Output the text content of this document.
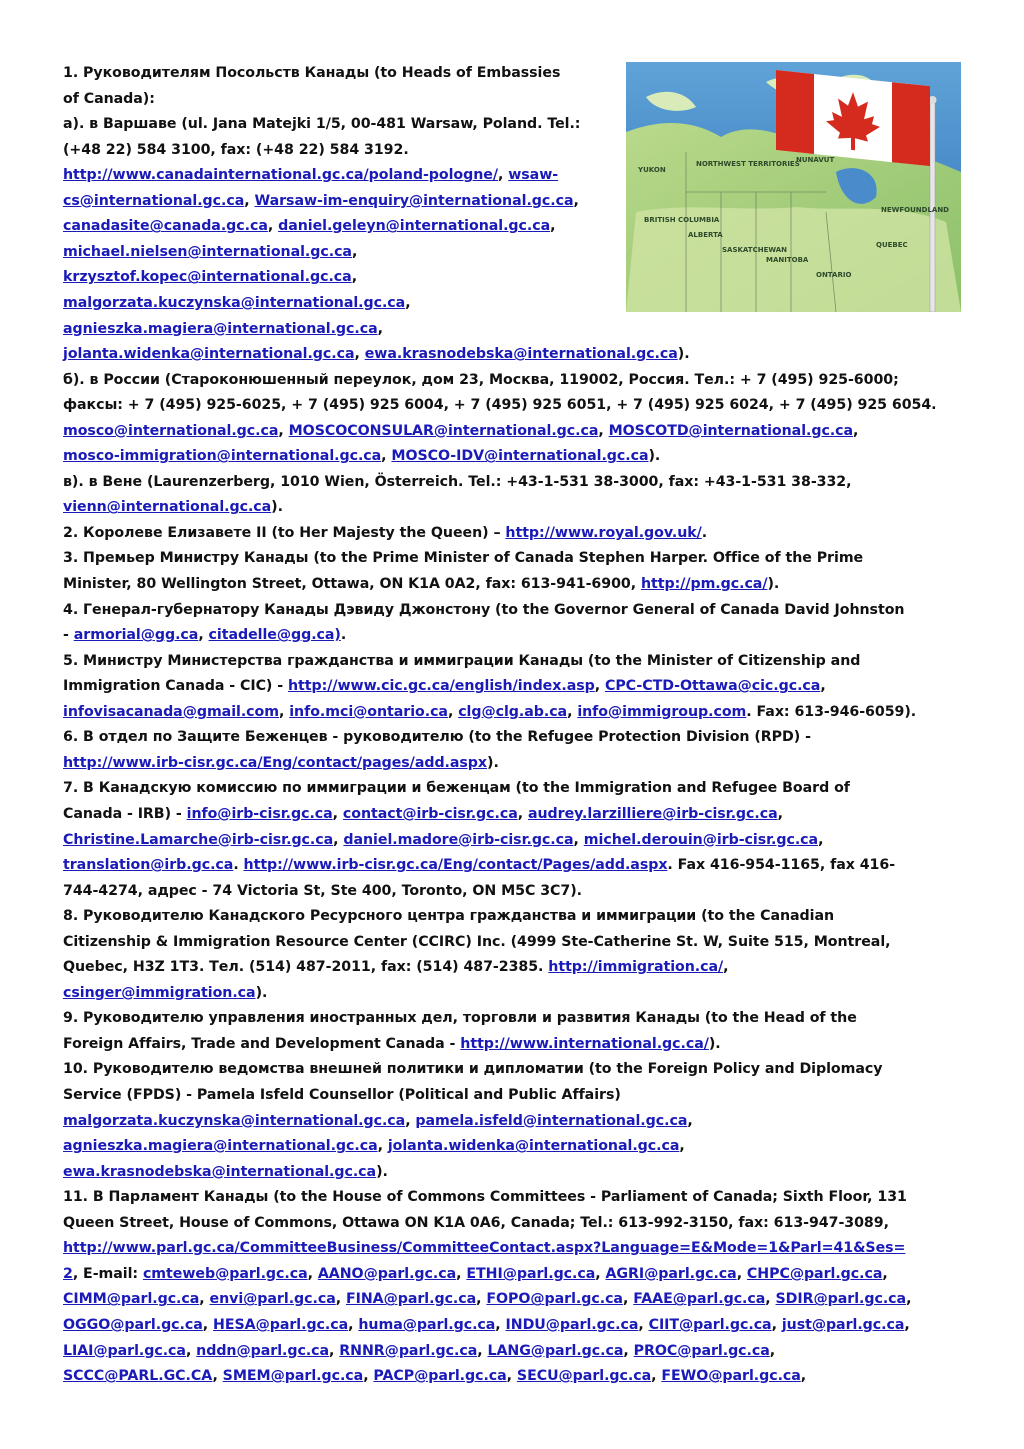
NORTHWEST TERRITORIES
NUNAVUT
BRITISH COLUMBIA
ALBERTA
SASKATCHEWAN
MANITOBA
ONTARIO
QUEBEC
YUKON
NEWFOUNDLAND
1. Руководителям Посольств Канады (to Heads of Embassies
of Canada):
а). в Варшаве (ul. Jana Matejki 1/5, 00-481 Warsaw, Poland. Tel.:
(+48 22) 584 3100, fax: (+48 22) 584 3192.
http://www.canadainternational.gc.ca/poland-pologne/, wsaw-
cs@international.gc.ca, Warsaw-im-enquiry@international.gc.ca,
canadasite@canada.gc.ca, daniel.geleyn@international.gc.ca,
michael.nielsen@international.gc.ca,
krzysztof.kopec@international.gc.ca,
malgorzata.kuczynska@international.gc.ca,
agnieszka.magiera@international.gc.ca,
jolanta.widenka@international.gc.ca, ewa.krasnodebska@international.gc.ca).
б). в России (Староконюшенный переулок, дом 23, Москва, 119002, Россия. Тел.: + 7 (495) 925-6000;
факсы: + 7 (495) 925-6025, + 7 (495) 925 6004, + 7 (495) 925 6051, + 7 (495) 925 6024, + 7 (495) 925 6054.
mosco@international.gc.ca, MOSCOCONSULAR@international.gc.ca, MOSCOTD@international.gc.ca,
mosco-immigration@international.gc.ca, MOSCO-IDV@international.gc.ca).
в). в Вене (Laurenzerberg, 1010 Wien, Österreich. Tel.: +43-1-531 38-3000, fax: +43-1-531 38-332,
vienn@international.gc.ca).
2. Королеве Елизавете II (to Her Majesty the Queen) – http://www.royal.gov.uk/.
3. Премьер Министру Канады (to the Prime Minister of Canada Stephen Harper. Office of the Prime
Minister, 80 Wellington Street, Ottawa, ON K1A 0A2, fax: 613-941-6900, http://pm.gc.ca/).
4. Генерал-губернатору Канады Дэвиду Джонстону (to the Governor General of Canada David Johnston
- armorial@gg.ca, citadelle@gg.ca).
5. Министру Министерства гражданства и иммиграции Канады (to the Minister of Citizenship and
Immigration Canada - CIC) - http://www.cic.gc.ca/english/index.asp, CPC-CTD-Ottawa@cic.gc.ca,
infovisacanada@gmail.com, info.mci@ontario.ca, clg@clg.ab.ca, info@immigroup.com. Fax: 613-946-6059).
6. В отдел по Защите Беженцев - руководителю (to the Refugee Protection Division (RPD) -
http://www.irb-cisr.gc.ca/Eng/contact/pages/add.aspx).
7. В Канадскую комиссию по иммиграции и беженцам (to the Immigration and Refugee Board of
Canada - IRB) - info@irb-cisr.gc.ca, contact@irb-cisr.gc.ca, audrey.larzilliere@irb-cisr.gc.ca,
Christine.Lamarche@irb-cisr.gc.ca, daniel.madore@irb-cisr.gc.ca, michel.derouin@irb-cisr.gc.ca,
translation@irb.gc.ca. http://www.irb-cisr.gc.ca/Eng/contact/Pages/add.aspx. Fax 416-954-1165, fax 416-
744-4274, адрес - 74 Victoria St, Ste 400, Toronto, ON M5C 3C7).
8. Руководителю Канадского Ресурсного центра гражданства и иммиграции (to the Canadian
Citizenship & Immigration Resource Center (CCIRC) Inc. (4999 Ste-Catherine St. W, Suite 515, Montreal,
Quebec, H3Z 1T3. Тел. (514) 487-2011, fax: (514) 487-2385. http://immigration.ca/,
csinger@immigration.ca).
9. Руководителю управления иностранных дел, торговли и развития Канады (to the Head of the
Foreign Affairs, Trade and Development Canada - http://www.international.gc.ca/).
10. Руководителю ведомства внешней политики и дипломатии (to the Foreign Policy and Diplomacy
Service (FPDS) - Pamela Isfeld Counsellor (Political and Public Affairs)
malgorzata.kuczynska@international.gc.ca, pamela.isfeld@international.gc.ca,
agnieszka.magiera@international.gc.ca, jolanta.widenka@international.gc.ca,
ewa.krasnodebska@international.gc.ca).
11. В Парламент Канады (to the House of Commons Committees - Parliament of Canada; Sixth Floor, 131
Queen Street, House of Commons, Ottawa ON K1A 0A6, Canada; Tel.: 613-992-3150, fax: 613-947-3089,
http://www.parl.gc.ca/CommitteeBusiness/CommitteeContact.aspx?Language=E&Mode=1&Parl=41&Ses=
2, E-mail: cmteweb@parl.gc.ca, AANO@parl.gc.ca, ETHI@parl.gc.ca, AGRI@parl.gc.ca, CHPC@parl.gc.ca,
CIMM@parl.gc.ca, envi@parl.gc.ca, FINA@parl.gc.ca, FOPO@parl.gc.ca, FAAE@parl.gc.ca, SDIR@parl.gc.ca,
OGGO@parl.gc.ca, HESA@parl.gc.ca, huma@parl.gc.ca, INDU@parl.gc.ca, CIIT@parl.gc.ca, just@parl.gc.ca,
LIAI@parl.gc.ca, nddn@parl.gc.ca, RNNR@parl.gc.ca, LANG@parl.gc.ca, PROC@parl.gc.ca,
SCCC@PARL.GC.CA, SMEM@parl.gc.ca, PACP@parl.gc.ca, SECU@parl.gc.ca, FEWO@parl.gc.ca,
